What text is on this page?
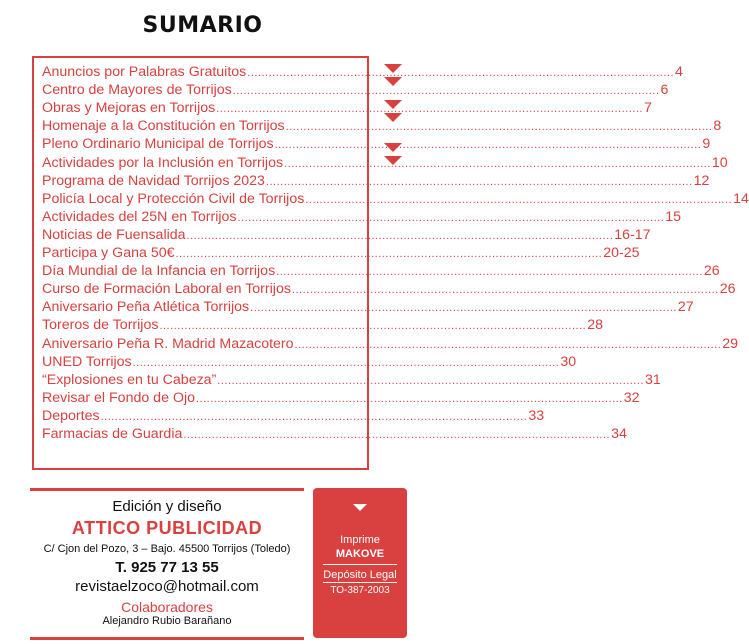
SUMARIO
Anuncios por Palabras Gratuitos ........................................................................................................................ 4
Centro de Mayores de Torrijos ........................................................................................................................ 6
Obras y Mejoras en Torrijos ........................................................................................................................ 7
Homenaje a la Constitución en Torrijos ........................................................................................................................ 8
Pleno Ordinario Municipal de Torrijos ........................................................................................................................ 9
Actividades por la Inclusión en Torrijos ........................................................................................................................ 10
Programa de Navidad Torrijos 2023 ........................................................................................................................ 12
Policía Local y Protección Civil de Torrijos ........................................................................................................................ 14
Actividades del 25N en Torrijos ........................................................................................................................ 15
Noticias de Fuensalida ........................................................................................................................ 16-17
Participa y Gana 50€ ........................................................................................................................ 20-25
Día Mundial de la Infancia en Torrijos ........................................................................................................................ 26
Curso de Formación Laboral en Torrijos ........................................................................................................................ 26
Aniversario Peña Atlética Torrijos ........................................................................................................................ 27
Toreros de Torrijos ........................................................................................................................ 28
Aniversario Peña R. Madrid Mazacotero ........................................................................................................................ 29
UNED Torrijos ........................................................................................................................ 30
“Explosiones en tu Cabeza” ........................................................................................................................ 31
Revisar el Fondo de Ojo ........................................................................................................................ 32
Deportes ........................................................................................................................ 33
Farmacias de Guardia ........................................................................................................................ 34
Edición y diseño
ATTICO PUBLICIDAD
C/ Cjon del Pozo, 3 – Bajo. 45500 Torrijos (Toledo)
T. 925 77 13 55
revistaelzoco@hotmail.com
Colaboradores
Alejandro Rubio Barañano
Imprime
MAKOVE
Depósito Legal
TO-387-2003
